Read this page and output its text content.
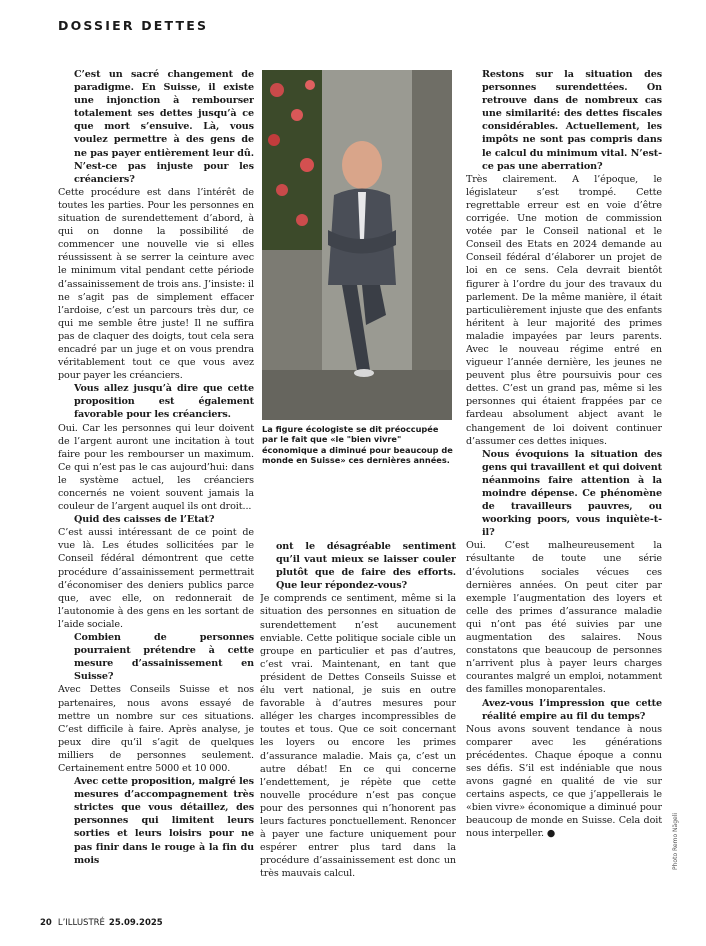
DOSSIER DETTES

C’est un sacré changement de paradigme. En Suisse, il existe une injonction à rembourser totalement ses dettes jusqu’à ce que mort s’ensuive. Là, vous voulez permettre à des gens de ne pas payer entièrement leur dû. N’est-ce pas injuste pour les créanciers?

Cette procédure est dans l’intérêt de toutes les parties. Pour les personnes en situation de surendettement d’abord, à qui on donne la possibilité de commencer une nouvelle vie si elles réussissent à se serrer la ceinture avec le minimum vital pendant cette période d’assainissement de trois ans. J’insiste: il ne s’agit pas de simplement effacer l’ardoise, c’est un parcours très dur, ce qui me semble être juste! Il ne suffira pas de claquer des doigts, tout cela sera encadré par un juge et on vous prendra véritablement tout ce que vous avez pour payer les créanciers.

Vous allez jusqu’à dire que cette proposition est également favorable pour les créanciers.

Oui. Car les personnes qui leur doivent de l’argent auront une incitation à tout faire pour les rembourser un maximum. Ce qui n’est pas le cas aujourd’hui: dans le système actuel, les créanciers concernés ne voient souvent jamais la couleur de l’argent auquel ils ont droit...

Quid des caisses de l’Etat?

C’est aussi intéressant de ce point de vue là. Les études sollicitées par le Conseil fédéral démontrent que cette procédure d’assainissement permettrait d’économiser des deniers publics parce que, avec elle, on redonnerait de l’autonomie à des gens en les sortant de l’aide sociale.

Combien de personnes pourraient prétendre à cette mesure d’assainissement en Suisse?

Avec Dettes Conseils Suisse et nos partenaires, nous avons essayé de mettre un nombre sur ces situations. C’est difficile à faire. Après analyse, je peux dire qu’il s’agit de quelques milliers de personnes seulement. Certainement entre 5000 et 10 000.

Avec cette proposition, malgré les mesures d’accompagnement très strictes que vous détaillez, des personnes qui limitent leurs sorties et leurs loisirs pour ne pas finir dans le rouge à la fin du mois

La figure écologiste se dit préoccupée par le fait que «le "bien vivre" économique a diminué pour beaucoup de monde en Suisse» ces dernières années.

ont le désagréable sentiment qu’il vaut mieux se laisser couler plutôt que de faire des efforts. Que leur répondez-vous?

Je comprends ce sentiment, même si la situation des personnes en situation de surendettement n’est aucunement enviable. Cette politique sociale cible un groupe en particulier et pas d’autres, c’est vrai. Maintenant, en tant que président de Dettes Conseils Suisse et élu vert national, je suis en outre favorable à d’autres mesures pour alléger les charges incompressibles de toutes et tous. Que ce soit concernant les loyers ou encore les primes d’assurance maladie. Mais ça, c’est un autre débat! En ce qui concerne l’endettement, je répète que cette nouvelle procédure n’est pas conçue pour des personnes qui n’honorent pas leurs factures ponctuellement. Renoncer à payer une facture uniquement pour espérer entrer plus tard dans la procédure d’assainissement est donc un très mauvais calcul.

Restons sur la situation des personnes surendettées. On retrouve dans de nombreux cas une similarité: des dettes fiscales considérables. Actuellement, les impôts ne sont pas compris dans le calcul du minimum vital. N’est-ce pas une aberration?

Très clairement. A l’époque, le législateur s’est trompé. Cette regrettable erreur est en voie d’être corrigée. Une motion de commission votée par le Conseil national et le Conseil des Etats en 2024 demande au Conseil fédéral d’élaborer un projet de loi en ce sens. Cela devrait bientôt figurer à l’ordre du jour des travaux du parlement. De la même manière, il était particulièrement injuste que des enfants héritent à leur majorité des primes maladie impayées par leurs parents. Avec le nouveau régime entré en vigueur l’année dernière, les jeunes ne peuvent plus être poursuivis pour ces dettes. C’est un grand pas, même si les personnes qui étaient frappées par ce fardeau absolument abject avant le changement de loi doivent continuer d’assumer ces dettes iniques.

Nous évoquions la situation des gens qui travaillent et qui doivent néanmoins faire attention à la moindre dépense. Ce phénomène de travailleurs pauvres, ou woorking poors, vous inquiète-t-il?

Oui. C’est malheureusement la résultante de toute une série d’évolutions sociales vécues ces dernières années. On peut citer par exemple l’augmentation des loyers et celle des primes d’assurance maladie qui n’ont pas été suivies par une augmentation des salaires. Nous constatons que beaucoup de personnes n’arrivent plus à payer leurs charges courantes malgré un emploi, notamment des familles monoparentales.

Avez-vous l’impression que cette réalité empire au fil du temps?

Nous avons souvent tendance à nous comparer avec les générations précédentes. Chaque époque a connu ses défis. S’il est indéniable que nous avons gagné en qualité de vie sur certains aspects, ce que j’appellerais le «bien vivre» économique a diminué pour beaucoup de monde en Suisse. Cela doit nous interpeller. ●	Photo Remo Nägeli
20 L’ILLUSTRÉ 25.09.2025
